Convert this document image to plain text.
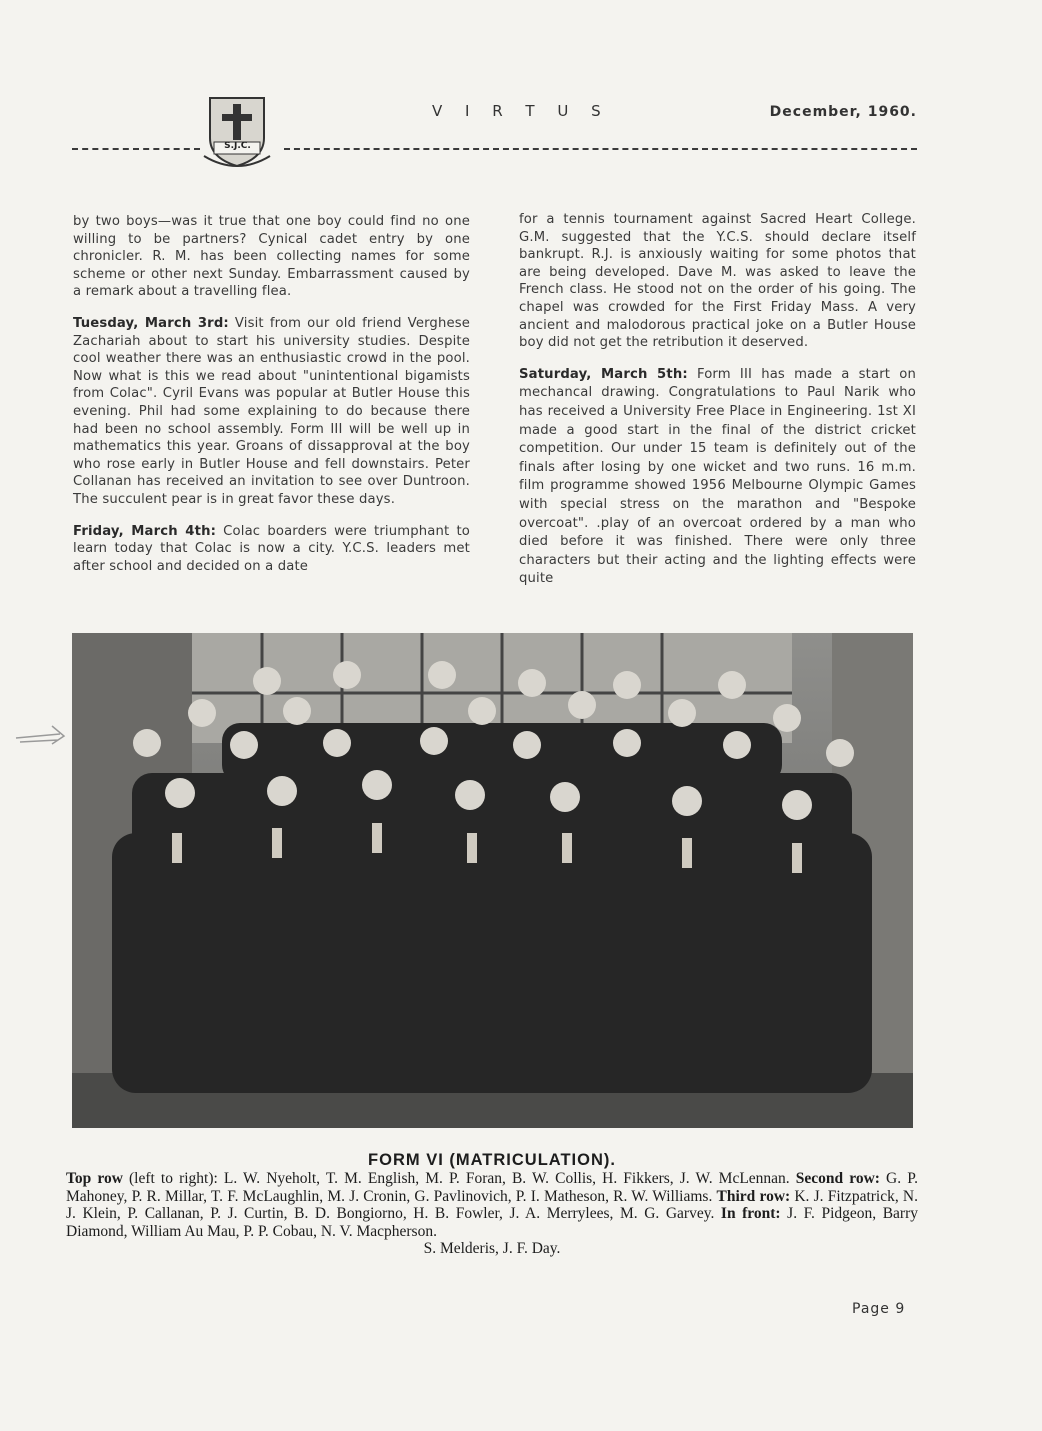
S.J.C.
V I R T U S	December, 1960.

by two boys—was it true that one boy could find no one willing to be partners? Cynical cadet entry by one chronicler. R. M. has been collecting names for some scheme or other next Sunday. Embarrassment caused by a remark about a travelling flea.

Tuesday, March 3rd: Visit from our old friend Verghese Zachariah about to start his university studies. Despite cool weather there was an enthusiastic crowd in the pool. Now what is this we read about "unintentional bigamists from Colac". Cyril Evans was popular at Butler House this evening. Phil had some explaining to do because there had been no school assembly. Form III will be well up in mathematics this year. Groans of dissapproval at the boy who rose early in Butler House and fell downstairs. Peter Collanan has received an invitation to see over Duntroon. The succulent pear is in great favor these days.

Friday, March 4th: Colac boarders were triumphant to learn today that Colac is now a city. Y.C.S. leaders met after school and decided on a date

for a tennis tournament against Sacred Heart College. G.M. suggested that the Y.C.S. should declare itself bankrupt. R.J. is anxiously waiting for some photos that are being developed. Dave M. was asked to leave the French class. He stood not on the order of his going. The chapel was crowded for the First Friday Mass. A very ancient and malodorous practical joke on a Butler House boy did not get the retribution it deserved.

Saturday, March 5th: Form III has made a start on mechancal drawing. Congratulations to Paul Narik who has received a University Free Place in Engineering. 1st XI made a good start in the final of the district cricket competition. Our under 15 team is definitely out of the finals after losing by one wicket and two runs. 16 m.m. film programme showed 1956 Melbourne Olympic Games with special stress on the marathon and "Bespoke overcoat". .play of an overcoat ordered by a man who died before it was finished. There were only three characters but their acting and the lighting effects were quite

FORM VI (MATRICULATION).
Top row (left to right): L. W. Nyeholt, T. M. English, M. P. Foran, B. W. Collis, H. Fikkers, J. W. McLennan. Second row: G. P. Mahoney, P. R. Millar, T. F. McLaughlin, M. J. Cronin, G. Pavlinovich, P. I. Matheson, R. W. Williams. Third row: K. J. Fitzpatrick, N. J. Klein, P. Callanan, P. J. Curtin, B. D. Bongiorno, H. B. Fowler, J. A. Merrylees, M. G. Garvey. In front: J. F. Pidgeon, Barry Diamond, William Au Mau, P. P. Cobau, N. V. Macpherson.
S. Melderis, J. F. Day.
Page 9
